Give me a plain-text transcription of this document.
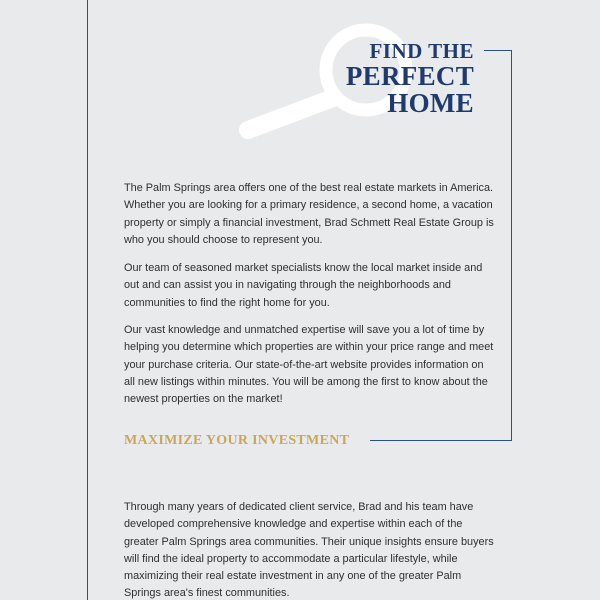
FIND THE
PERFECT
HOME

The Palm Springs area offers one of the best real estate markets in America. Whether you are looking for a primary residence, a second home, a vacation property or simply a financial investment, Brad Schmett Real Estate Group is who you should choose to represent you.

Our team of seasoned market specialists know the local market inside and out and can assist you in navigating through the neighborhoods and communities to find the right home for you.

Our vast knowledge and unmatched expertise will save you a lot of time by helping you determine which properties are within your price range and meet your purchase criteria. Our state-of-the-art website provides information on all new listings within minutes. You will be among the first to know about the newest properties on the market!

MAXIMIZE YOUR INVESTMENT

Through many years of dedicated client service, Brad and his team have developed comprehensive knowledge and expertise within each of the greater Palm Springs area communities. Their unique insights ensure buyers will find the ideal property to accommodate a particular lifestyle, while maximizing their real estate investment in any one of the greater Palm Springs area's finest communities.
